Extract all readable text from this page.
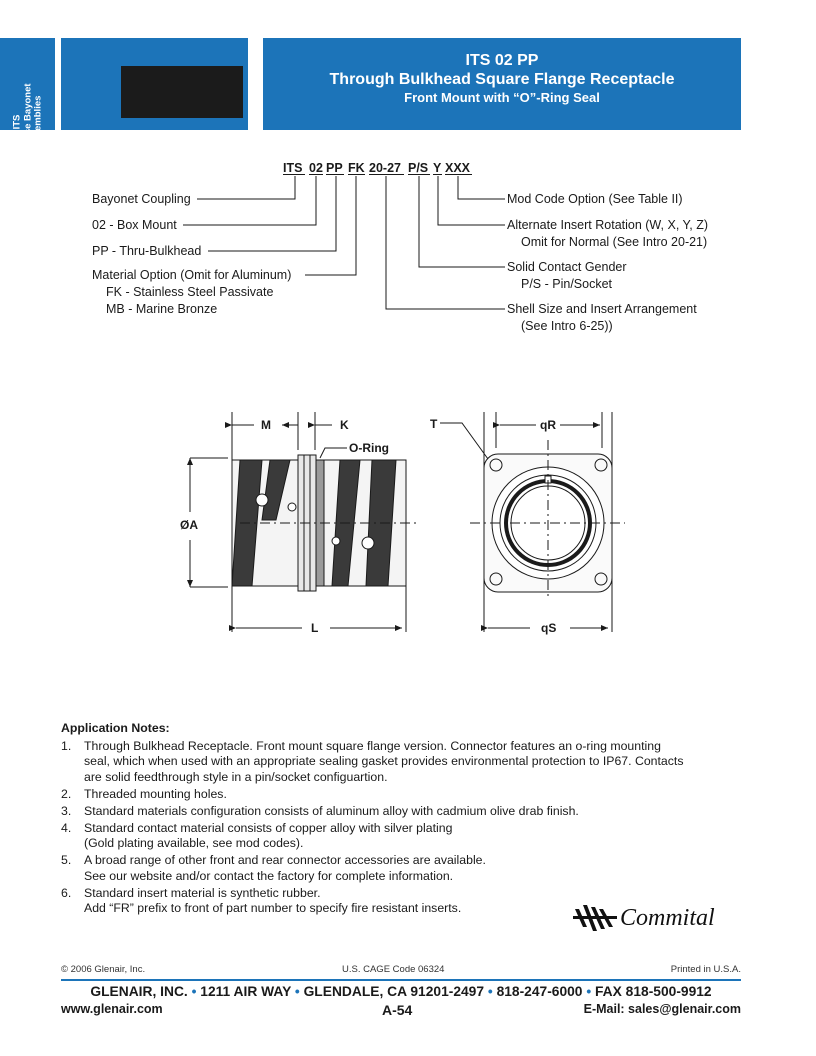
ITS Reverse Bayonet Assemblies
ITS 02 PP
Through Bulkhead Square Flange Receptacle
Front Mount with “O”-Ring Seal
ITS 02 PP FK 20-27 P/S Y XXX
Bayonet Coupling
02 - Box Mount
PP - Thru-Bulkhead
Material Option (Omit for Aluminum)
FK - Stainless Steel Passivate
MB - Marine Bronze
Mod Code Option (See Table II)
Alternate Insert Rotation (W, X, Y, Z)
Omit for Normal (See Intro 20-21)
Solid Contact Gender
P/S - Pin/Socket
Shell Size and Insert Arrangement
(See Intro 6-25))
M	K
O-Ring
ØA
L
T	qR
qS
Application Notes:
1. Through Bulkhead Receptacle. Front mount square flange version. Connector features an o-ring mounting
seal, which when used with an appropriate sealing gasket provides environmental protection to IP67. Contacts
are solid feedthrough style in a pin/socket configuartion.
2. Threaded mounting holes.
3. Standard materials configuration consists of aluminum alloy with cadmium olive drab finish.
4. Standard contact material consists of copper alloy with silver plating
(Gold plating available, see mod codes).
5. A broad range of other front and rear connector accessories are available.
See our website and/or contact the factory for complete information.
6. Standard insert material is synthetic rubber.
Add “FR” prefix to front of part number to specify fire resistant inserts.	Commital
© 2006 Glenair, Inc.	U.S. CAGE Code 06324	Printed in U.S.A.
GLENAIR, INC. • 1211 AIR WAY • GLENDALE, CA 91201-2497 • 818-247-6000 • FAX 818-500-9912
www.glenair.com	A-54	E-Mail: sales@glenair.com
